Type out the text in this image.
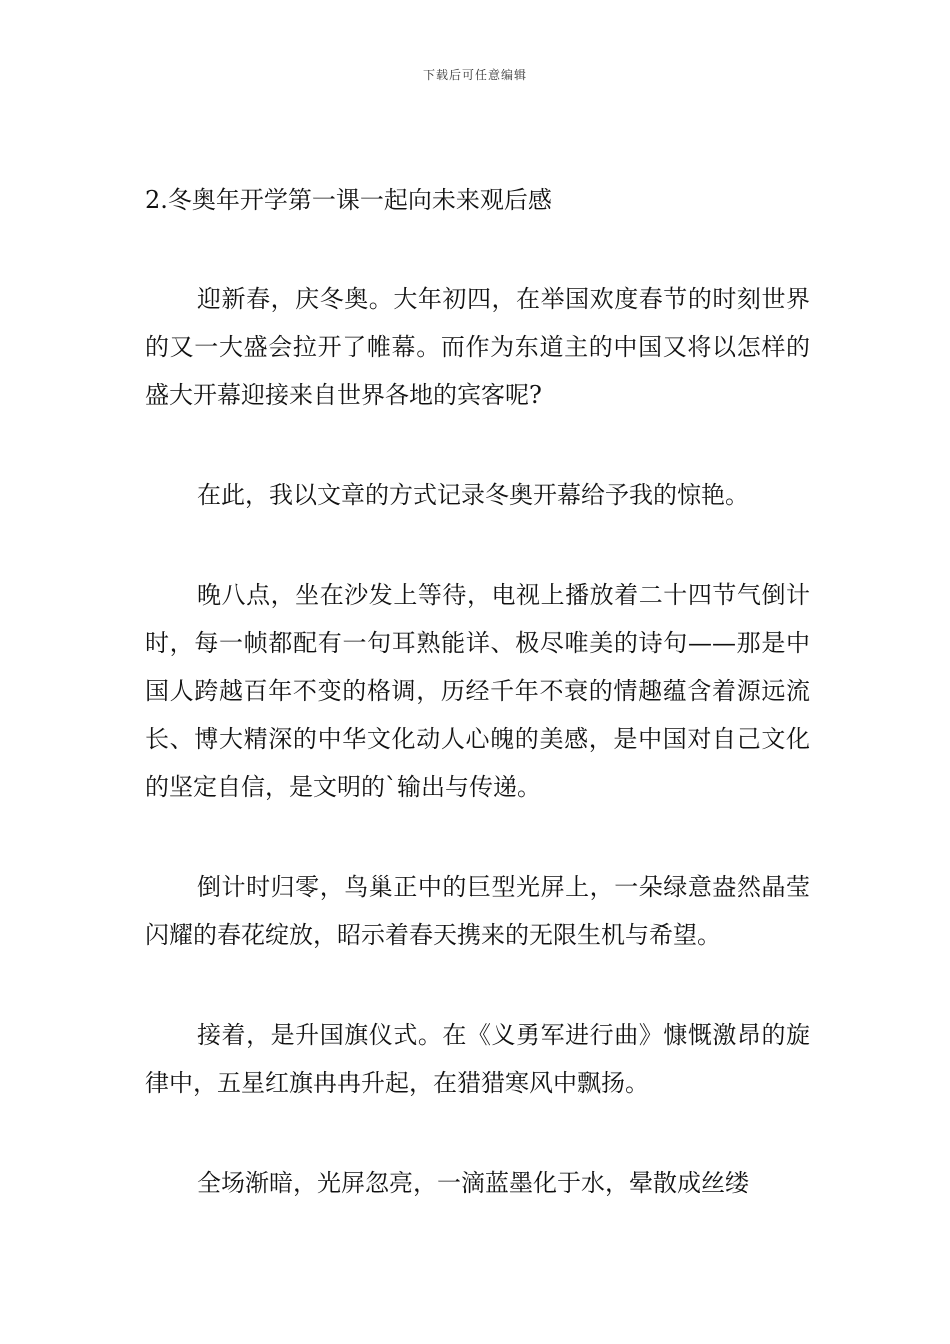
下载后可任意编辑
2.冬奥年开学第一课一起向未来观后感

迎新春，庆冬奥。大年初四，在举国欢度春节的时刻世界的又一大盛会拉开了帷幕。而作为东道主的中国又将以怎样的盛大开幕迎接来自世界各地的宾客呢?

在此，我以文章的方式记录冬奥开幕给予我的惊艳。

晚八点，坐在沙发上等待，电视上播放着二十四节气倒计时，每一帧都配有一句耳熟能详、极尽唯美的诗句——那是中国人跨越百年不变的格调，历经千年不衰的情趣蕴含着源远流长、博大精深的中华文化动人心魄的美感，是中国对自己文化的坚定自信，是文明的`输出与传递。

倒计时归零，鸟巢正中的巨型光屏上，一朵绿意盎然晶莹闪耀的春花绽放，昭示着春天携来的无限生机与希望。

接着，是升国旗仪式。在《义勇军进行曲》慷慨激昂的旋律中，五星红旗冉冉升起，在猎猎寒风中飘扬。

全场渐暗，光屏忽亮，一滴蓝墨化于水，晕散成丝缕
